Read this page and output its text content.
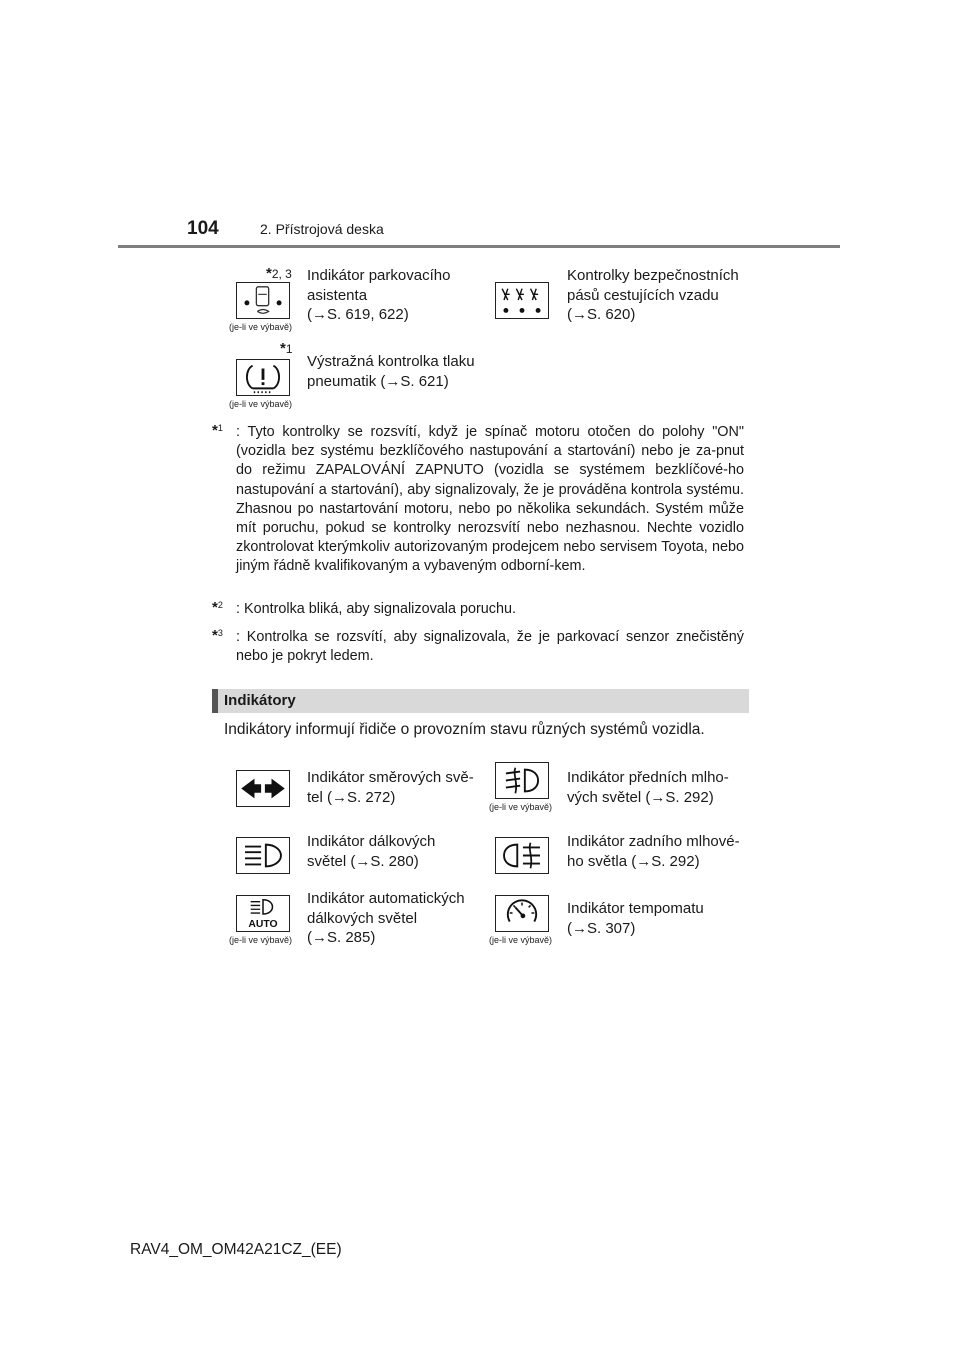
104	2. Přístrojová deska
*2, 3
(je-li ve výbavě)
Indikátor parkovacího
asistenta
(→S. 619, 622)
Kontrolky bezpečnostních
pásů cestujících vzadu
(→S. 620)
*1
(je-li ve výbavě)
Výstražná kontrolka tlaku
pneumatik (→S. 621)
*$^1$ : Tyto kontrolky se rozsvítí, když je spínač motoru otočen do polohy "ON" (vozidla bez systému bezklíčového nastupování a startování) nebo je za-pnut do režimu ZAPALOVÁNÍ ZAPNUTO (vozidla se systémem bezklíčové-ho nastupování a startování), aby signalizovaly, že je prováděna kontrola systému. Zhasnou po nastartování motoru, nebo po několika sekundách. Systém může mít poruchu, pokud se kontrolky nerozsvítí nebo nezhasnou. Nechte vozidlo zkontrolovat kterýmkoliv autorizovaným prodejcem nebo servisem Toyota, nebo jiným řádně kvalifikovaným a vybaveným odborní-kem.
*$^2$ : Kontrolka bliká, aby signalizovala poruchu.
*$^3$ : Kontrolka se rozsvítí, aby signalizovala, že je parkovací senzor znečistěný nebo je pokryt ledem.
Indikátory
Indikátory informují řidiče o provozním stavu různých systémů vozidla.
Indikátor směrových svě-
tel (→S. 272)
(je-li ve výbavě)
Indikátor předních mlho-
vých světel (→S. 292)
Indikátor dálkových
světel (→S. 280)
Indikátor zadního mlhové-
ho světla (→S. 292)
AUTO
(je-li ve výbavě)
Indikátor automatických
dálkových světel
(→S. 285)	(je-li ve výbavě)
Indikátor tempomatu
(→S. 307)
RAV4_OM_OM42A21CZ_(EE)
